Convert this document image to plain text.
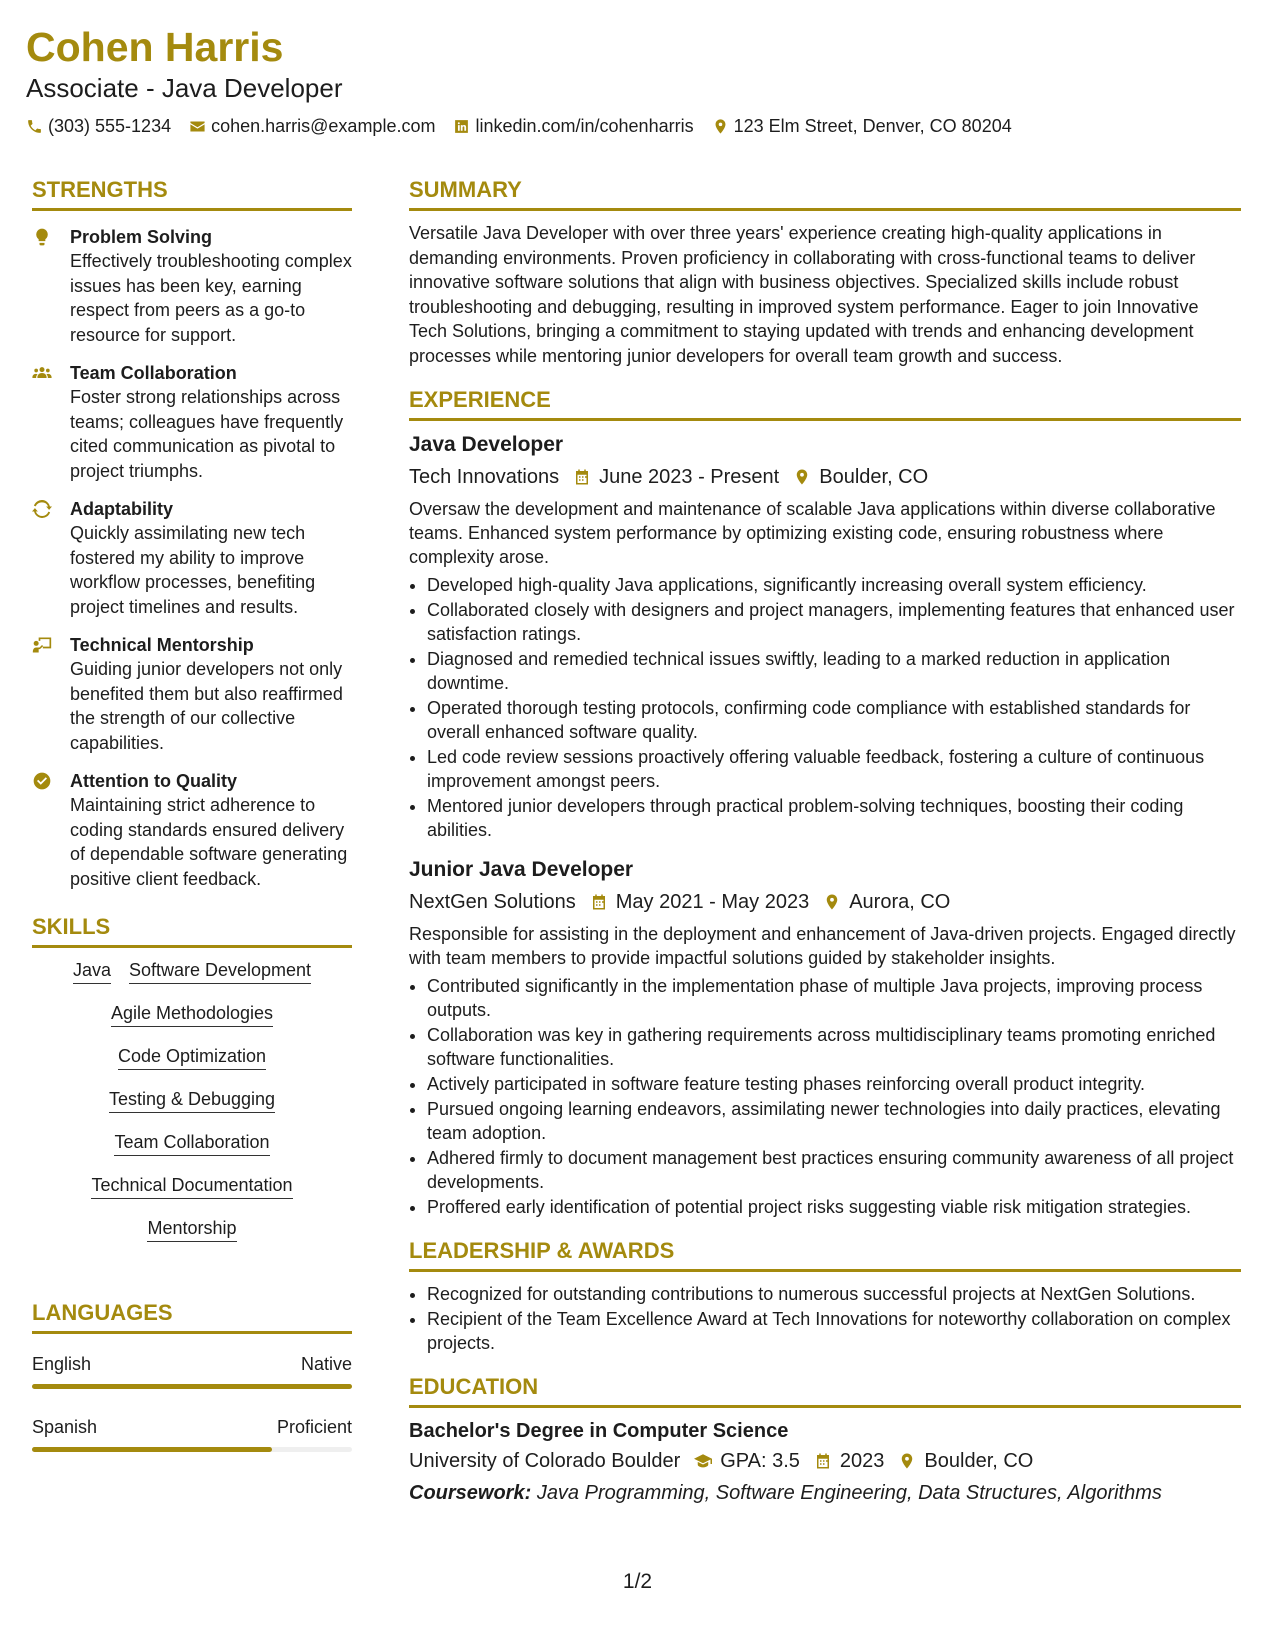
Cohen Harris
Associate - Java Developer
(303) 555-1234 cohen.harris@example.com linkedin.com/in/cohenharris 123 Elm Street, Denver, CO 80204
STRENGTHS
Problem Solving
Effectively troubleshooting complex issues has been key, earning respect from peers as a go-to resource for support.
Team Collaboration
Foster strong relationships across teams; colleagues have frequently cited communication as pivotal to project triumphs.
Adaptability
Quickly assimilating new tech fostered my ability to improve workflow processes, benefiting project timelines and results.
Technical Mentorship
Guiding junior developers not only benefited them but also reaffirmed the strength of our collective capabilities.
Attention to Quality
Maintaining strict adherence to coding standards ensured delivery of dependable software generating positive client feedback.
SKILLS
Java Software Development
Agile Methodologies
Code Optimization
Testing & Debugging
Team Collaboration
Technical Documentation
Mentorship
LANGUAGES
English	Native
Spanish	Proficient
SUMMARY
Versatile Java Developer with over three years' experience creating high-quality applications in demanding environments. Proven proficiency in collaborating with cross-functional teams to deliver innovative software solutions that align with business objectives. Specialized skills include robust troubleshooting and debugging, resulting in improved system performance. Eager to join Innovative Tech Solutions, bringing a commitment to staying updated with trends and enhancing development processes while mentoring junior developers for overall team growth and success.
EXPERIENCE
Java Developer
Tech Innovations June 2023 - Present Boulder, CO
Oversaw the development and maintenance of scalable Java applications within diverse collaborative teams. Enhanced system performance by optimizing existing code, ensuring robustness where complexity arose.
• Developed high-quality Java applications, significantly increasing overall system efficiency.
• Collaborated closely with designers and project managers, implementing features that enhanced user satisfaction ratings.
• Diagnosed and remedied technical issues swiftly, leading to a marked reduction in application downtime.
• Operated thorough testing protocols, confirming code compliance with established standards for overall enhanced software quality.
• Led code review sessions proactively offering valuable feedback, fostering a culture of continuous improvement amongst peers.
• Mentored junior developers through practical problem-solving techniques, boosting their coding abilities.
Junior Java Developer
NextGen Solutions May 2021 - May 2023 Aurora, CO
Responsible for assisting in the deployment and enhancement of Java-driven projects. Engaged directly with team members to provide impactful solutions guided by stakeholder insights.
• Contributed significantly in the implementation phase of multiple Java projects, improving process outputs.
• Collaboration was key in gathering requirements across multidisciplinary teams promoting enriched software functionalities.
• Actively participated in software feature testing phases reinforcing overall product integrity.
• Pursued ongoing learning endeavors, assimilating newer technologies into daily practices, elevating team adoption.
• Adhered firmly to document management best practices ensuring community awareness of all project developments.
• Proffered early identification of potential project risks suggesting viable risk mitigation strategies.
LEADERSHIP & AWARDS
• Recognized for outstanding contributions to numerous successful projects at NextGen Solutions.
• Recipient of the Team Excellence Award at Tech Innovations for noteworthy collaboration on complex projects.
EDUCATION
Bachelor's Degree in Computer Science
University of Colorado Boulder GPA: 3.5 2023 Boulder, CO
Coursework: Java Programming, Software Engineering, Data Structures, Algorithms
1/2
